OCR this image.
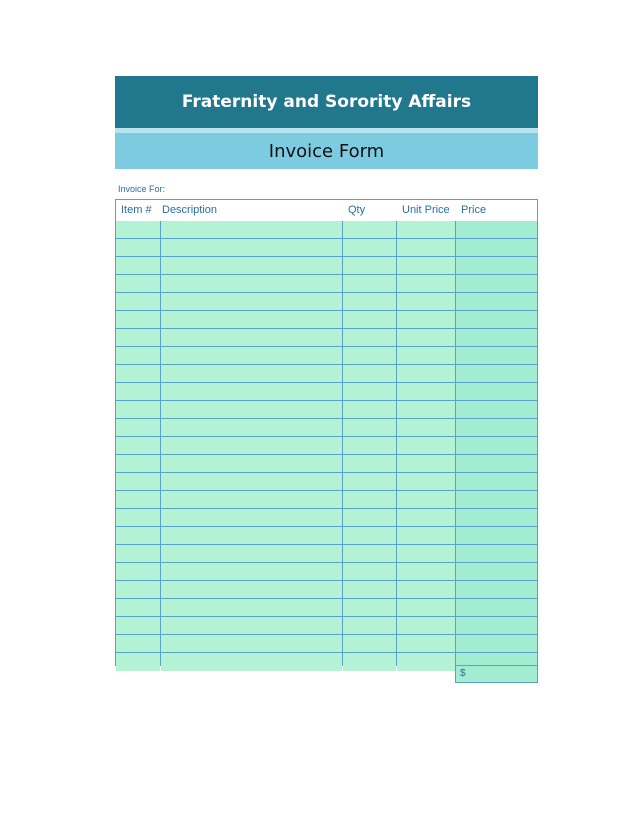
Fraternity and Sorority Affairs
Invoice Form
Invoice For:
Item # Description	Qty	Unit Price	Price
$
